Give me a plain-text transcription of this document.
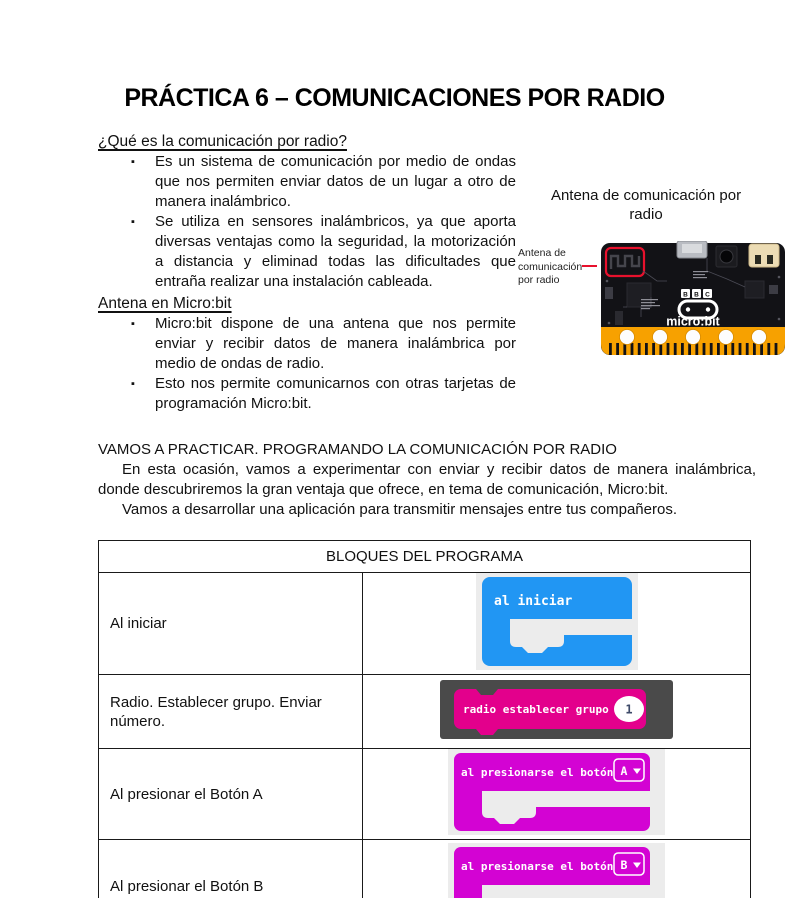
PRÁCTICA 6 – COMUNICACIONES POR RADIO
¿Qué es la comunicación por radio?
▪ Es un sistema de comunicación por medio de ondas que nos permiten enviar datos de un lugar a otro de manera inalámbrico.
▪ Se utiliza en sensores inalámbricos, ya que aporta diversas ventajas como la seguridad, la motorización a distancia y eliminad todas las dificultades que entraña realizar una instalación cableada.
Antena en Micro:bit
▪ Micro:bit dispone de una antena que nos permite enviar y recibir datos de manera inalámbrica por medio de ondas de radio.
▪ Esto nos permite comunicarnos con otras tarjetas de programación Micro:bit.
Antena de comunicación por radio
Antena de comunicación por radio
B B C
micro:bit

VAMOS A PRACTICAR. PROGRAMANDO LA COMUNICACIÓN POR RADIO

En esta ocasión, vamos a experimentar con enviar y recibir datos de manera inalámbrica, donde descubriremos la gran ventaja que ofrece, en tema de comunicación, Micro:bit.

Vamos a desarrollar una aplicación para transmitir mensajes entre tus compañeros.

BLOQUES DEL PROGRAMA	
Al iniciar	al iniciar

Radio. Establecer grupo. Enviar número.	radio establecer grupo 1

Al presionar el Botón A	al presionarse el botón A

Al presionar el Botón B	al presionarse el botón B
